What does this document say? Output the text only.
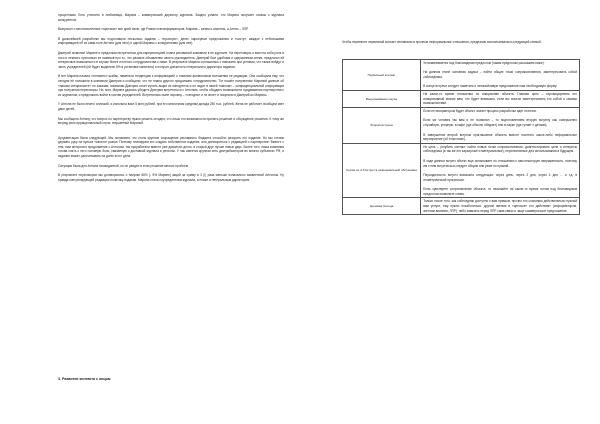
процентами. Есть уточнить в любовница, Марина – коммерческий директор журнала. Заодно узнали, что Марина получает отказы с журнала конкурентов.

Выпросил о многочисленных «щелчках» все дней свою, где Роман статинформаторов, Марина – зачем и клиенты, а Антон – ЛПР.

В дальнейшей разработке мы подготовили несколько задачек – «прочную», денег, карьерные предложения и «чисту», каждое с небольшими информацией об их сами-ноге Антона (для него) и одной Марины с конкурентами (для нее).

Дмитрий позвонил Марине и предложил встретиться для кареристицией плана рекламной компании в ее журнале. На переговоры я взял на себя роль в лого и немного прессовал ее намеков про то, что разовое объявление своего руководителя. Дмитрий был удобным и сдержанным сетям, предлагал ей интересные возможности в случае более плотного сотрудничества с ними. В результате Марина согласилась с повысить при условии, что также войдут и часть учредителей (ей будет выделено 5% в установке капитала) и получит должность генерального директора издания.

И вот Марина начала «отловить» шабак, наметила тенденцию к информацией о тяжелом финансовом положении ее редакции. Она сообщила ему, что сегодня её положили в компании Дмитрия и сообщили, что не плана другого продолжать сотрудничество. Тот нашёл полученные Мариной данные об «нашем специалисте» по заказам, компании Дмитрия хочет купить акции из конкурента и он сидит в своей «малом» – конфиденциальной информации при получении переговоры. Но, мол, Марина удалось убедить Дмитрия встретиться с Антоном, чтобы обсудить возможности продвижения партнерства с их журналом, и предложить войти в состав учредителей. Встретились ныне поровну – «сегодня» и «в зное» и покупали в Дмитрий из Марины.

У Антона не было нечего иллюзий, и испольна взял 5 млн рублей, при его многичном средним дохода 250 тыс. рублей. Жена не работает, вообщем свет двое детей.

Мы сообщили Антону, что вопрос по партнерству нужно решить сегодня, что лишь его возможности принять решение и обсуждение решения. К тому же встряд роль иррациональный страх, внушенный Мариной.

Аргументация была следующей. Мы понимаем, что столь крупное сокращение рекламного бюджета способно разорить его издание. Но мы готовы держать руку на пульсе «своего» рынка. Поэтому планируем его создать собственное издание, или договориться с редакцией о партнерстве. Вместе с тем, нам интересно продолжение с Антоном, так проработали вместе уже довольно долго, а старый друг лучше новых двух. Более того, наша компания готова снять с него головную боль, связанную с доставкой журнала в регионы. У нас имеется крупная сеть дистрибьюторов во многих субъектах РФ, и издание может рассчитывать на долю этого дела.

Ситуация была для Антона неожиданной, но он увидел в этом решение многих проблем.

В результате переговоров мы договорились о покупке 56% (- 5% Марине) акций за сумму в 3 (!) раза меньше изначально заявленной Антоном. Ну правда контролирующей редакцию политику издания. Марина стала соучредителем журнала, а позже и генеральным директором

3. Развитие контакта с лицом

Чтобы перевести первичный контакт человеком в прочные неформальные отношения, предлагаю воспользоваться следующей схемой.

Первичный контакт	Устанавливается под благовидным предлогом (таким предлогом расскажем ниже).

На данном этапе основная задача – найти общие точки соприкосновения, заинтересовать собой собеседника.

В конце встречи следует наметить и неназойливую предложение нам необходимую форму.

Выдерживание паузы	На какое-то время отношения по инициативе объекта. Главная цель – спровоцировать его инициативный звонок вам, что будет возможно, если вы смогли заинтересовать его собой и своими возможностями.

Вторая встреча	Если ее инициатором будет объект, значит процесс разработки идет отлично.

Если же человек так вам и не позвонил – то подготовлением вторую встречу как совершенно случайную, упорную, в кафе (где обычно обедает) или в парке (где гуляет с детьми).

В завершение второй встречи приглашение объекта вместе посетить какое-либо неформальное мероприятие (об этом ниже).

Серия из 4-5 встреч в неформальной обстановке	Их цель – углубить контакт, найти новые точки соприкосновения, диагностировать цели и интересы собеседника (а так же его карьерные и материальные), перспективные для использования в будущем.

В ходе данных встреч объект еще испытывает по отношению к нам некоторую напряженность, поэтому им с ним встречаться следует общим или реже по прямой.

Периодичность встреч возможна следующая: через день, через 2 дня, через 4 дня ... и т.д. в геометрической прогрессии.

Если чувствуете сопротивление объекта, то начинайте на какое-то время потом под благовидным предлогом позвоните снова.

Целевая беседа	Только после того, как собеседник доступно к вам прямым, прочно его сознанию действительно нужной вам услуги, ему нужно позаботиться: другим звеном в «цепочке» его действия» (информатором, агентом влияния, ЛПР), либо завязать перед ЛПР сама связи и чаще коммерческое предложение.
